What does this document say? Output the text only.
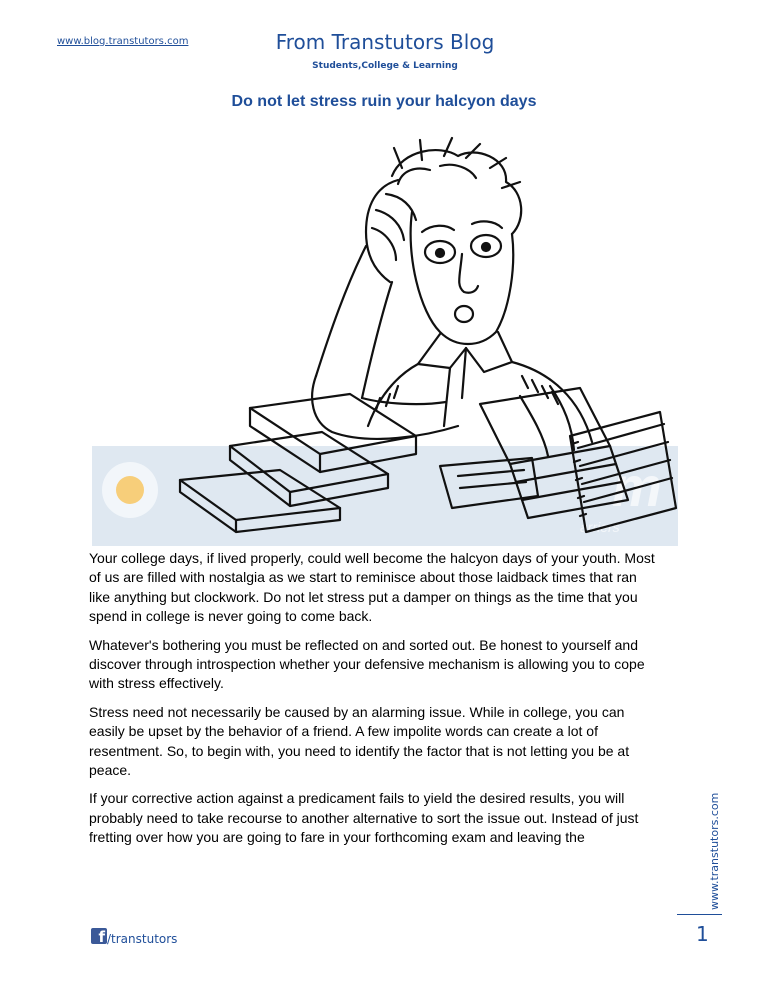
www.blog.transtutors.com	From Transtutors Blog
Students,College & Learning
Do not let stress ruin your halcyon days
m
arriers

Your college days, if lived properly, could well become the halcyon days of your youth. Most of us are filled with nostalgia as we start to reminisce about those laidback times that ran like anything but clockwork. Do not let stress put a damper on things as the time that you spend in college is never going to come back.

Whatever's bothering you must be reflected on and sorted out. Be honest to yourself and discover through introspection whether your defensive mechanism is allowing you to cope with stress effectively.

Stress need not necessarily be caused by an alarming issue. While in college, you can easily be upset by the behavior of a friend. A few impolite words can create a lot of resentment. So, to begin with, you need to identify the factor that is not letting you be at peace.

If your corrective action against a predicament fails to yield the desired results, you will probably need to take recourse to another alternative to sort the issue out. Instead of just fretting over how you are going to fare in your forthcoming exam and leaving the	www.transtutors.com
1
f /transtutors
